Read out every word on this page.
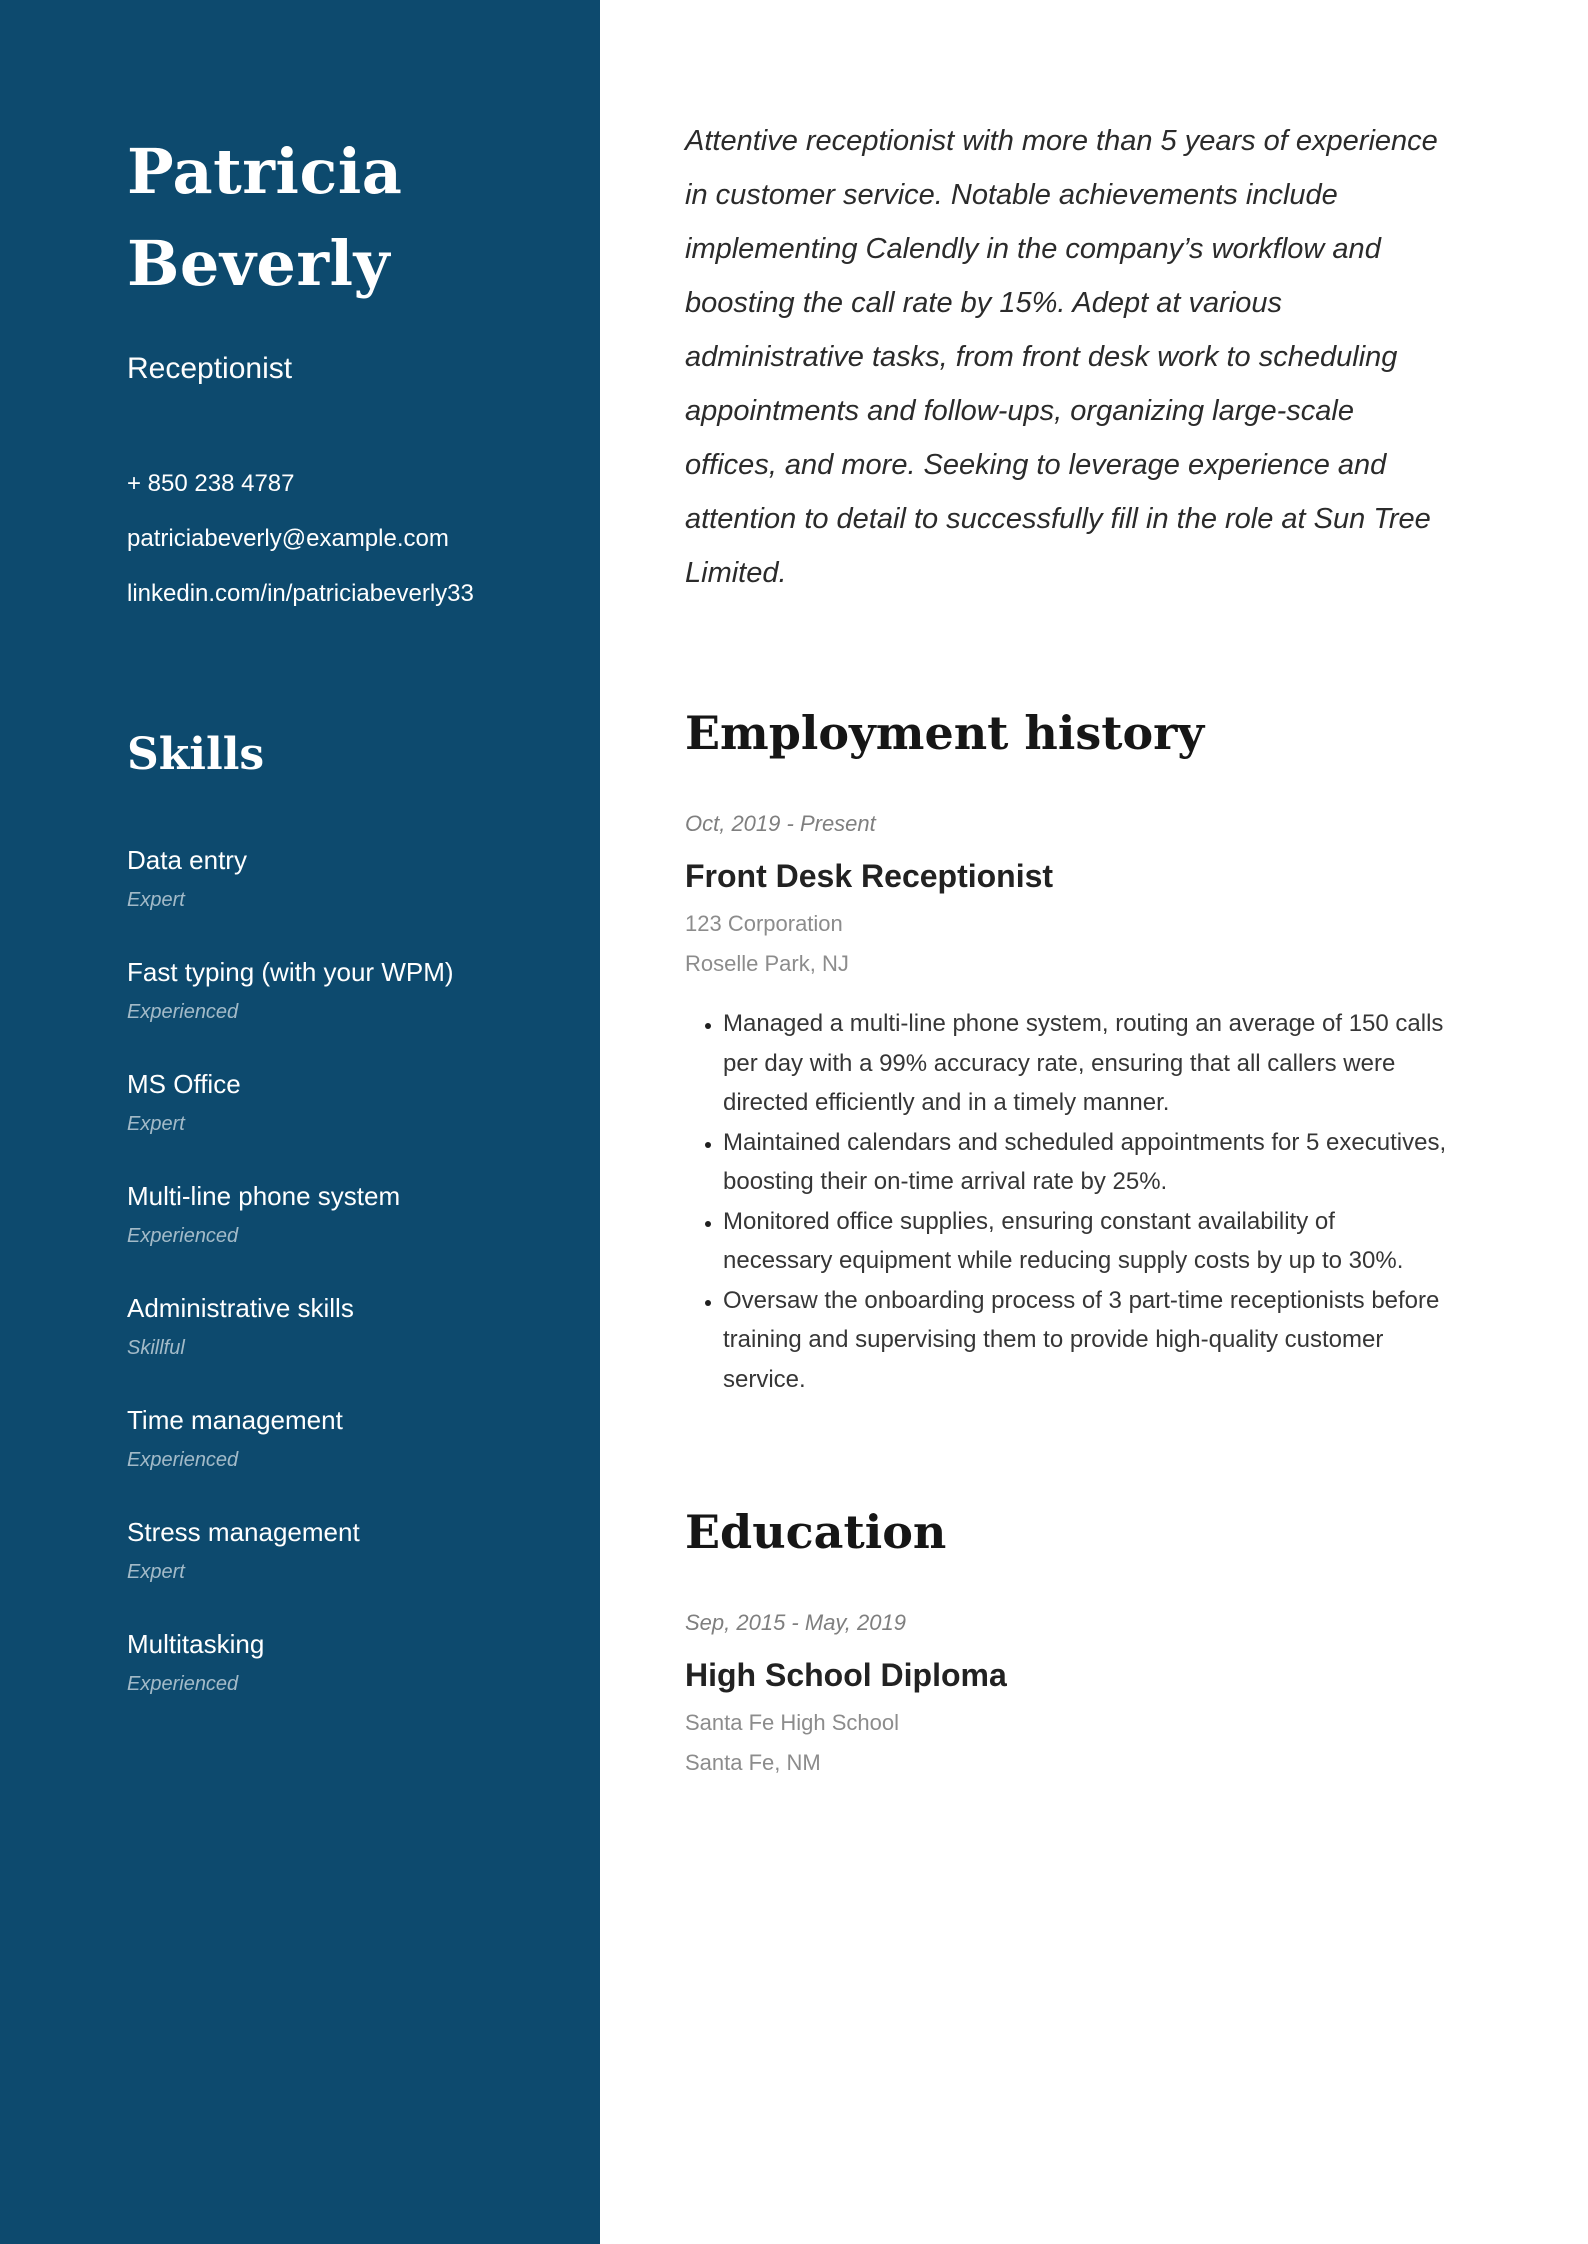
Patricia
Beverly
Receptionist
+ 850 238 4787
patriciabeverly@example.com
linkedin.com/in/patriciabeverly33
Skills
Data entry
Expert
Fast typing (with your WPM)
Experienced
MS Office
Expert
Multi-line phone system
Experienced
Administrative skills
Skillful
Time management
Experienced
Stress management
Expert
Multitasking
Experienced

Attentive receptionist with more than 5 years of experience in customer service. Notable achievements include implementing Calendly in the company’s workflow and boosting the call rate by 15%. Adept at various administrative tasks, from front desk work to scheduling appointments and follow-ups, organizing large-scale offices, and more. Seeking to leverage experience and attention to detail to successfully fill in the role at Sun Tree Limited.

Employment history
Oct, 2019 - Present
Front Desk Receptionist
123 Corporation
Roselle Park, NJ
• Managed a multi-line phone system, routing an average of 150 calls per day with a 99% accuracy rate, ensuring that all callers were directed efficiently and in a timely manner.
• Maintained calendars and scheduled appointments for 5 executives, boosting their on-time arrival rate by 25%.
• Monitored office supplies, ensuring constant availability of necessary equipment while reducing supply costs by up to 30%.
• Oversaw the onboarding process of 3 part-time receptionists before training and supervising them to provide high-quality customer service.
Education
Sep, 2015 - May, 2019
High School Diploma
Santa Fe High School
Santa Fe, NM
